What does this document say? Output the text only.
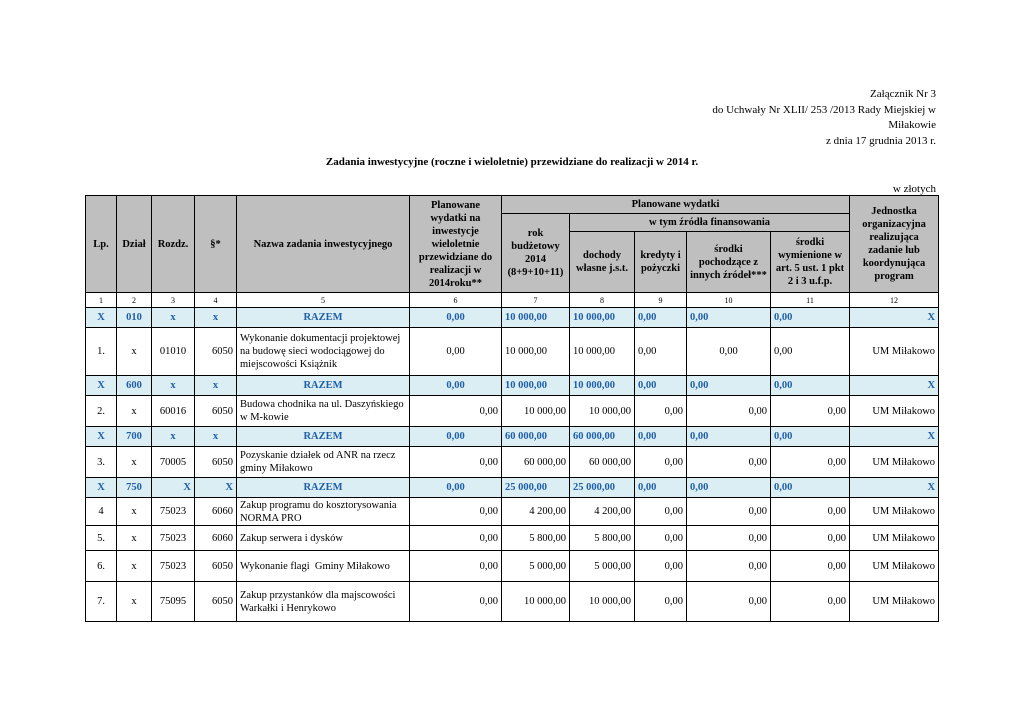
Załącznik Nr 3
do Uchwały Nr XLII/ 253 /2013 Rady Miejskiej w
Miłakowie
z dnia 17 grudnia 2013 r.
Zadania inwestycyjne (roczne i wieloletnie) przewidziane do realizacji w 2014 r.
w złotych
Lp.	Dział	Rozdz.	§*	Nazwa zadania inwestycyjnego	Planowane wydatki na inwestycje wieloletnie przewidziane do realizacji w 2014roku**	Planowane wydatki					Jednostka organizacyjna realizująca zadanie lub koordynująca program
						rok budżetowy 2014 (8+9+10+11)	w tym źródła finansowania				
							dochody własne j.s.t.	kredyty i pożyczki	środki pochodzące z innych źródeł***	środki wymienione w art. 5 ust. 1 pkt 2 i 3 u.f.p.	
1	2	3	4	5	6	7	8	9	10	11	12
X	010	x	x	RAZEM	0,00	10 000,00	10 000,00	0,00	0,00	0,00	X
1.	x	01010	6050	Wykonanie dokumentacji projektowej na budowę sieci wodociągowej do miejscowości Książnik	0,00	10 000,00	10 000,00	0,00	0,00	0,00	UM Miłakowo
X	600	x	x	RAZEM	0,00	10 000,00	10 000,00	0,00	0,00	0,00	X
2.	x	60016	6050	Budowa chodnika na ul. Daszyńskiego w M-kowie	0,00	10 000,00	10 000,00	0,00	0,00	0,00	UM Miłakowo
X	700	x	x	RAZEM	0,00	60 000,00	60 000,00	0,00	0,00	0,00	X
3.	x	70005	6050	Pozyskanie działek od ANR na rzecz gminy Miłakowo	0,00	60 000,00	60 000,00	0,00	0,00	0,00	UM Miłakowo
X	750	X	X	RAZEM	0,00	25 000,00	25 000,00	0,00	0,00	0,00	X
4	x	75023	6060	Zakup programu do kosztorysowania NORMA PRO	0,00	4 200,00	4 200,00	0,00	0,00	0,00	UM Miłakowo
5.	x	75023	6060	Zakup serwera i dysków	0,00	5 800,00	5 800,00	0,00	0,00	0,00	UM Miłakowo
6.	x	75023	6050	Wykonanie flagi  Gminy Miłakowo	0,00	5 000,00	5 000,00	0,00	0,00	0,00	UM Miłakowo
7.	x	75095	6050	Zakup przystanków dla majscowości Warkałki i Henrykowo	0,00	10 000,00	10 000,00	0,00	0,00	0,00	UM Miłakowo
